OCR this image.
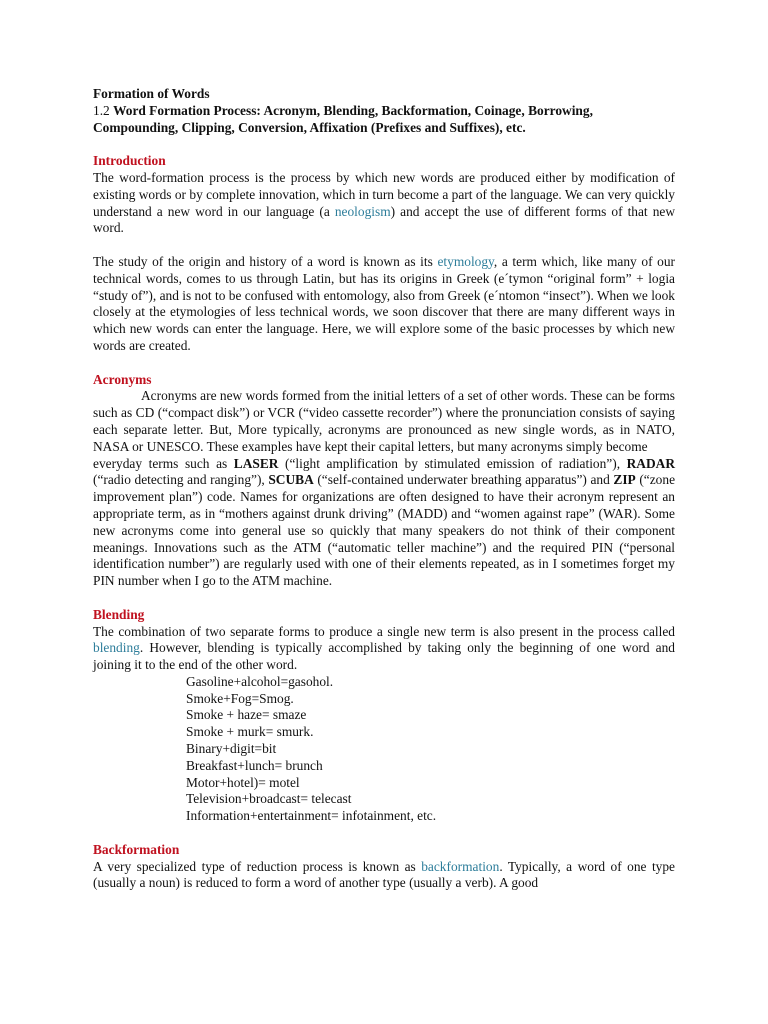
Formation of Words

1.2 Word Formation Process: Acronym, Blending, Backformation, Coinage, Borrowing, Compounding, Clipping, Conversion, Affixation (Prefixes and Suffixes), etc.

Introduction

The word-formation process is the process by which new words are produced either by modification of existing words or by complete innovation, which in turn become a part of the language. We can very quickly understand a new word in our language (a neologism) and accept the use of different forms of that new word.

The study of the origin and history of a word is known as its etymology, a term which, like many of our technical words, comes to us through Latin, but has its origins in Greek (e´tymon “original form” + logia “study of”), and is not to be confused with entomology, also from Greek (e´ntomon “insect”). When we look closely at the etymologies of less technical words, we soon discover that there are many different ways in which new words can enter the language. Here, we will explore some of the basic processes by which new words are created.

Acronyms

Acronyms are new words formed from the initial letters of a set of other words. These can be forms such as CD (“compact disk”) or VCR (“video cassette recorder”) where the pronunciation consists of saying each separate letter. But, More typically, acronyms are pronounced as new single words, as in NATO, NASA or UNESCO. These examples have kept their capital letters, but many acronyms simply become

everyday terms such as LASER (“light amplification by stimulated emission of radiation”), RADAR (“radio detecting and ranging”), SCUBA (“self-contained underwater breathing apparatus”) and ZIP (“zone improvement plan”) code. Names for organizations are often designed to have their acronym represent an appropriate term, as in “mothers against drunk driving” (MADD) and “women against rape” (WAR). Some new acronyms come into general use so quickly that many speakers do not think of their component meanings. Innovations such as the ATM (“automatic teller machine”) and the required PIN (“personal identification number”) are regularly used with one of their elements repeated, as in I sometimes forget my PIN number when I go to the ATM machine.

Blending

The combination of two separate forms to produce a single new term is also present in the process called blending. However, blending is typically accomplished by taking only the beginning of one word and joining it to the end of the other word.

Gasoline+alcohol=gasohol.
Smoke+Fog=Smog.
Smoke + haze= smaze
Smoke + murk= smurk.
Binary+digit=bit
Breakfast+lunch= brunch
Motor+hotel)= motel
Television+broadcast= telecast
Information+entertainment= infotainment, etc.

Backformation

A very specialized type of reduction process is known as backformation. Typically, a word of one type (usually a noun) is reduced to form a word of another type (usually a verb). A good
